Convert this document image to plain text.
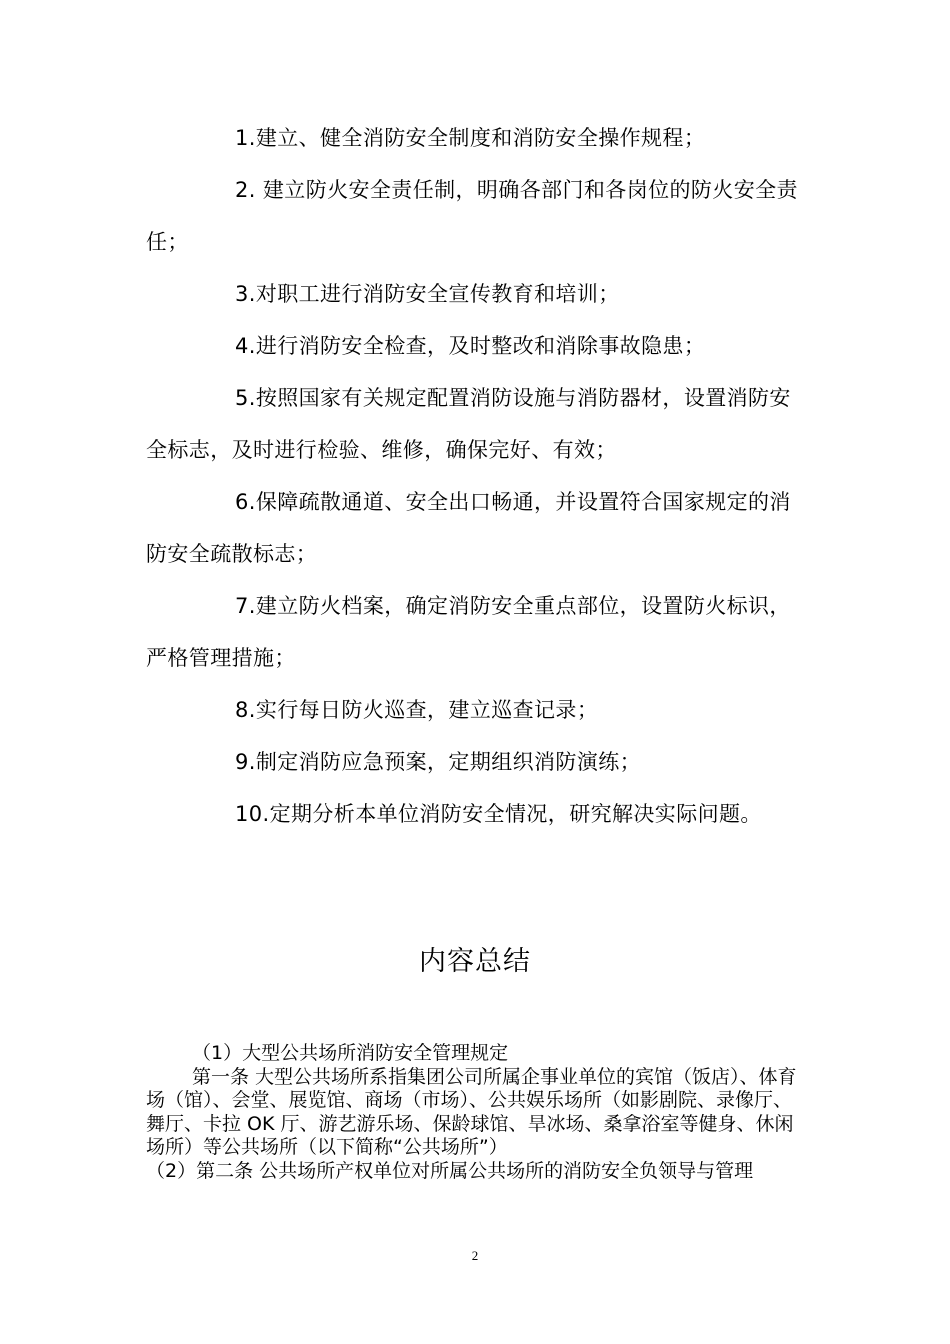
1.建立、健全消防安全制度和消防安全操作规程；

2. 建立防火安全责任制，明确各部门和各岗位的防火安全责任；

3.对职工进行消防安全宣传教育和培训；

4.进行消防安全检查，及时整改和消除事故隐患；

5.按照国家有关规定配置消防设施与消防器材，设置消防安全标志，及时进行检验、维修，确保完好、有效；

6.保障疏散通道、安全出口畅通，并设置符合国家规定的消防安全疏散标志；

7.建立防火档案，确定消防安全重点部位，设置防火标识，严格管理措施；

8.实行每日防火巡查，建立巡查记录；

9.制定消防应急预案，定期组织消防演练；

10.定期分析本单位消防安全情况，研究解决实际问题。

内容总结

（1）大型公共场所消防安全管理规定

第一条 大型公共场所系指集团公司所属企事业单位的宾馆（饭店）、体育场（馆）、会堂、展览馆、商场（市场）、公共娱乐场所（如影剧院、录像厅、舞厅、卡拉 OK 厅、游艺游乐场、保龄球馆、旱冰场、桑拿浴室等健身、休闲场所）等公共场所（以下简称“公共场所”）

（2）第二条 公共场所产权单位对所属公共场所的消防安全负领导与管理

2
